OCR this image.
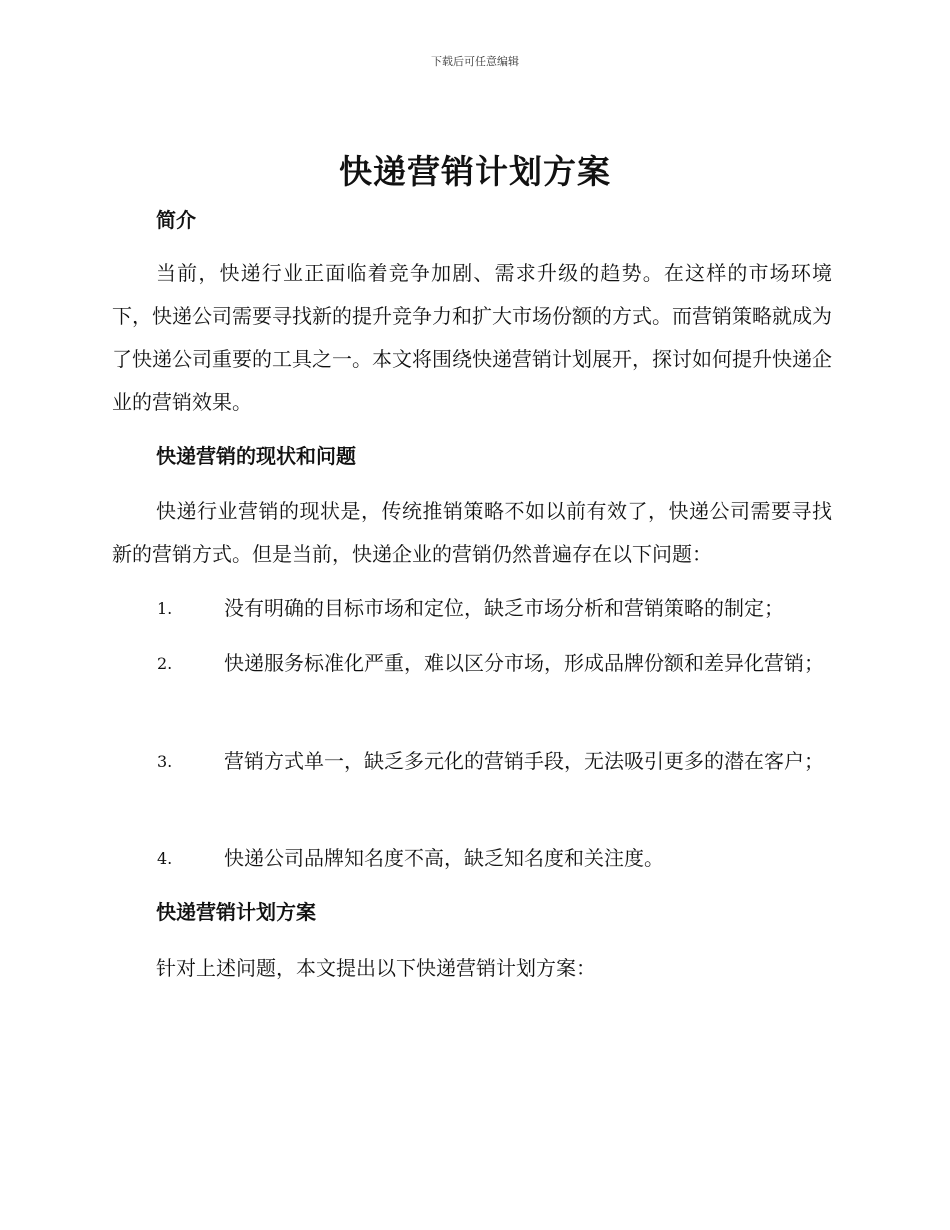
下载后可任意编辑
快递营销计划方案
简介
当前，快递行业正面临着竞争加剧、需求升级的趋势。在这样的市场环境下，快递公司需要寻找新的提升竞争力和扩大市场份额的方式。而营销策略就成为了快递公司重要的工具之一。本文将围绕快递营销计划展开，探讨如何提升快递企业的营销效果。
快递营销的现状和问题
快递行业营销的现状是，传统推销策略不如以前有效了，快递公司需要寻找新的营销方式。但是当前，快递企业的营销仍然普遍存在以下问题：
1.	没有明确的目标市场和定位，缺乏市场分析和营销策略的制定；
2.	快递服务标准化严重，难以区分市场，形成品牌份额和差异化营销；
3.	营销方式单一，缺乏多元化的营销手段，无法吸引更多的潜在客户；
4.	快递公司品牌知名度不高，缺乏知名度和关注度。
快递营销计划方案
针对上述问题，本文提出以下快递营销计划方案：
